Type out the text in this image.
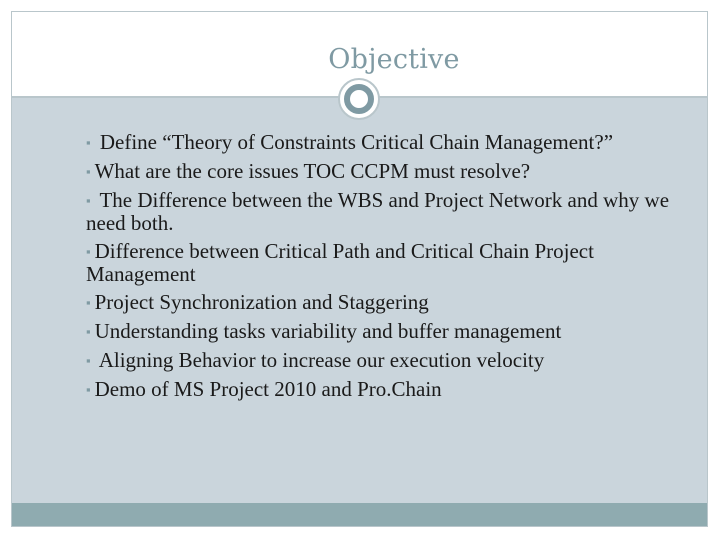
Objective
▪ Define “Theory of Constraints Critical Chain Management?”
▪ What are the core issues TOC CCPM must resolve?
▪ The Difference between the WBS and Project Network and why we need both.
▪ Difference between Critical Path and Critical Chain Project Management
▪ Project Synchronization and Staggering
▪ Understanding tasks variability and buffer management
▪ Aligning Behavior to increase our execution velocity
▪ Demo of MS Project 2010 and Pro.Chain
